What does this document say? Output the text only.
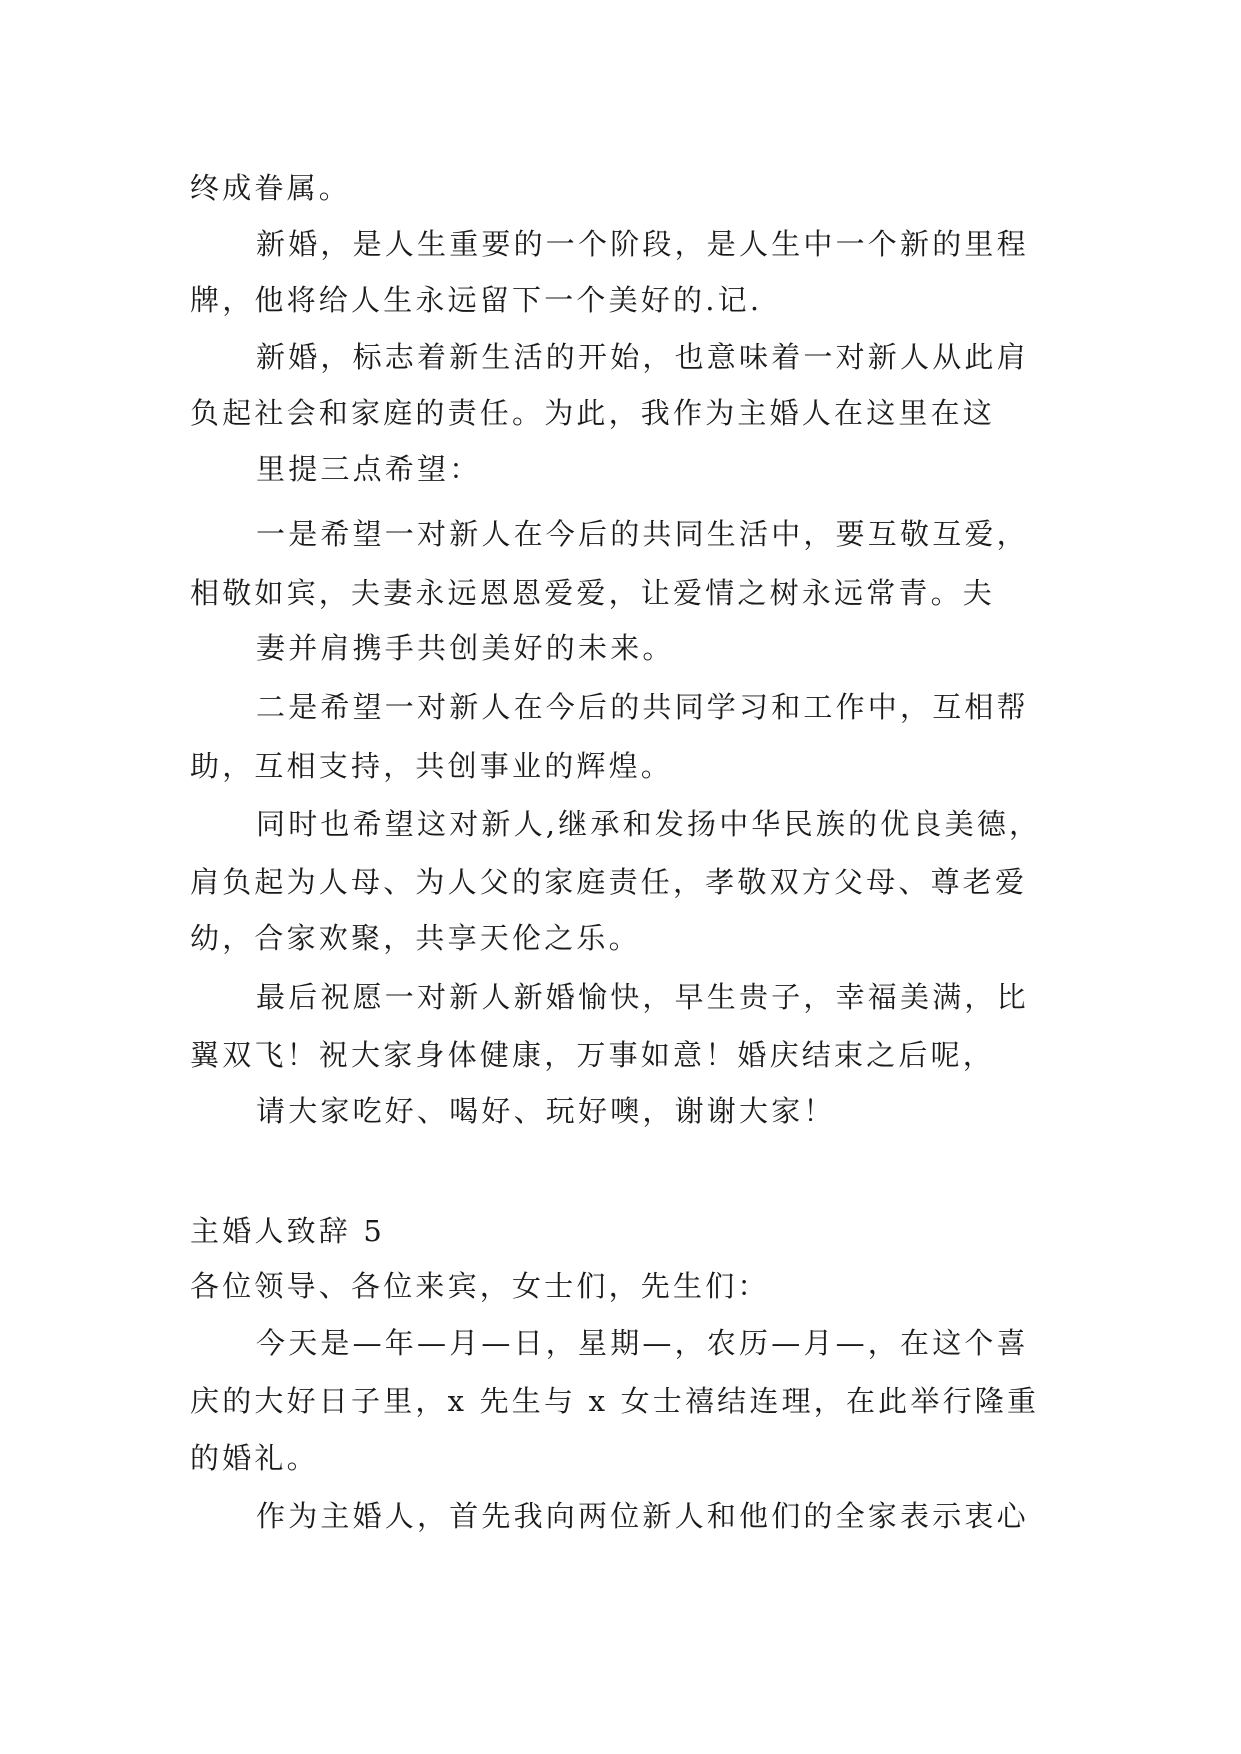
终成眷属。
新婚，是人生重要的一个阶段，是人生中一个新的里程
牌，他将给人生永远留下一个美好的.记.
新婚，标志着新生活的开始，也意味着一对新人从此肩
负起社会和家庭的责任。为此，我作为主婚人在这里在这
里提三点希望：
一是希望一对新人在今后的共同生活中，要互敬互爱，
相敬如宾，夫妻永远恩恩爱爱，让爱情之树永远常青。夫
妻并肩携手共创美好的未来。
二是希望一对新人在今后的共同学习和工作中，互相帮
助，互相支持，共创事业的辉煌。
同时也希望这对新人,继承和发扬中华民族的优良美德，
肩负起为人母、为人父的家庭责任，孝敬双方父母、尊老爱
幼，合家欢聚，共享天伦之乐。
最后祝愿一对新人新婚愉快，早生贵子，幸福美满，比
翼双飞！祝大家身体健康，万事如意！婚庆结束之后呢，
请大家吃好、喝好、玩好噢，谢谢大家！
主婚人致辞 5
各位领导、各位来宾，女士们，先生们：
今天是—年—月—日，星期—，农历—月—，在这个喜
庆的大好日子里，x 先生与 x 女士禧结连理，在此举行隆重
的婚礼。
作为主婚人，首先我向两位新人和他们的全家表示衷心
